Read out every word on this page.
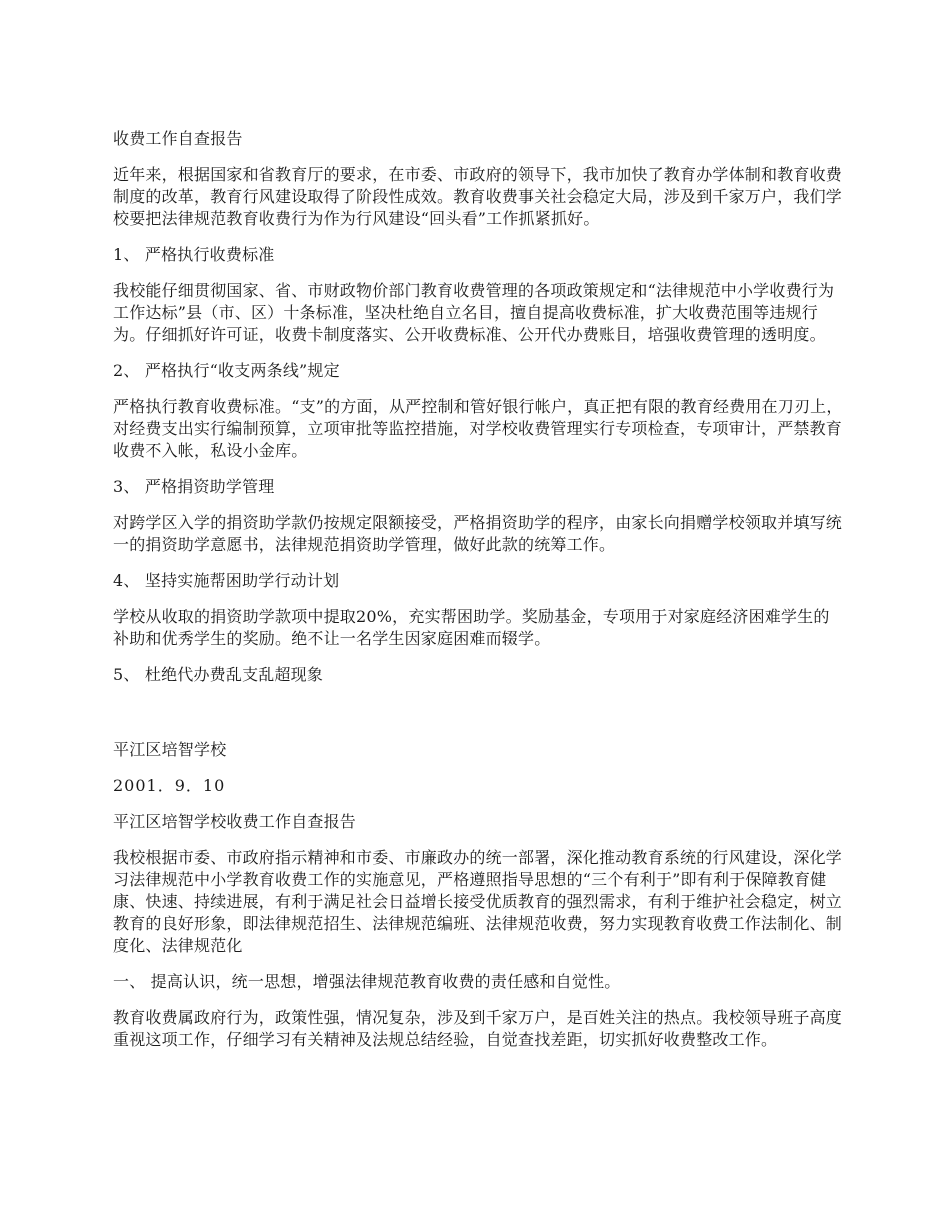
收费工作自查报告

近年来，根据国家和省教育厅的要求，在市委、市政府的领导下，我市加快了教育办学体制和教育收费制度的改革，教育行风建设取得了阶段性成效。教育收费事关社会稳定大局，涉及到千家万户，我们学校要把法律规范教育收费行为作为行风建设“回头看”工作抓紧抓好。

1、 严格执行收费标准

我校能仔细贯彻国家、省、市财政物价部门教育收费管理的各项政策规定和“法律规范中小学收费行为工作达标”县（市、区）十条标准，坚决杜绝自立名目，擅自提高收费标准，扩大收费范围等违规行为。仔细抓好许可证，收费卡制度落实、公开收费标准、公开代办费账目，培强收费管理的透明度。

2、 严格执行“收支两条线”规定

严格执行教育收费标准。“支”的方面，从严控制和管好银行帐户，真正把有限的教育经费用在刀刃上，对经费支出实行编制预算，立项审批等监控措施，对学校收费管理实行专项检查，专项审计，严禁教育收费不入帐，私设小金库。

3、 严格捐资助学管理

对跨学区入学的捐资助学款仍按规定限额接受，严格捐资助学的程序，由家长向捐赠学校领取并填写统一的捐资助学意愿书，法律规范捐资助学管理，做好此款的统筹工作。

4、 坚持实施帮困助学行动计划

学校从收取的捐资助学款项中提取20%，充实帮困助学。奖励基金，专项用于对家庭经济困难学生的补助和优秀学生的奖励。绝不让一名学生因家庭困难而辍学。

5、 杜绝代办费乱支乱超现象

平江区培智学校

2001．9．10

平江区培智学校收费工作自查报告

我校根据市委、市政府指示精神和市委、市廉政办的统一部署，深化推动教育系统的行风建设，深化学习法律规范中小学教育收费工作的实施意见，严格遵照指导思想的“三个有利于”即有利于保障教育健康、快速、持续进展，有利于满足社会日益增长接受优质教育的强烈需求，有利于维护社会稳定，树立教育的良好形象，即法律规范招生、法律规范编班、法律规范收费，努力实现教育收费工作法制化、制度化、法律规范化

一、 提高认识，统一思想，增强法律规范教育收费的责任感和自觉性。

教育收费属政府行为，政策性强，情况复杂，涉及到千家万户，是百姓关注的热点。我校领导班子高度重视这项工作，仔细学习有关精神及法规总结经验，自觉查找差距，切实抓好收费整改工作。
